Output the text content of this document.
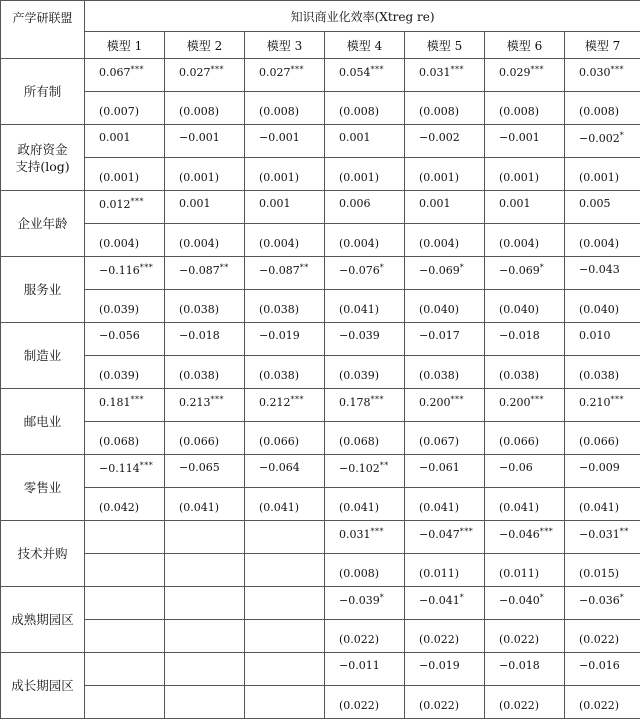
产学研联盟	知识商业化效率(Xtreg re)						
	模型 1	模型 2	模型 3	模型 4	模型 5	模型 6	模型 7
所有制	0.067***	0.027***	0.027***	0.054***	0.031***	0.029***	0.030***
	(0.007)	(0.008)	(0.008)	(0.008)	(0.008)	(0.008)	(0.008)
政府资金
支持(log)	0.001	−0.001	−0.001	0.001	−0.002	−0.001	−0.002*
	(0.001)	(0.001)	(0.001)	(0.001)	(0.001)	(0.001)	(0.001)
企业年龄	0.012***	0.001	0.001	0.006	0.001	0.001	0.005
	(0.004)	(0.004)	(0.004)	(0.004)	(0.004)	(0.004)	(0.004)
服务业	−0.116***	−0.087**	−0.087**	−0.076*	−0.069*	−0.069*	−0.043
	(0.039)	(0.038)	(0.038)	(0.041)	(0.040)	(0.040)	(0.040)
制造业	−0.056	−0.018	−0.019	−0.039	−0.017	−0.018	0.010
	(0.039)	(0.038)	(0.038)	(0.039)	(0.038)	(0.038)	(0.038)
邮电业	0.181***	0.213***	0.212***	0.178***	0.200***	0.200***	0.210***
	(0.068)	(0.066)	(0.066)	(0.068)	(0.067)	(0.066)	(0.066)
零售业	−0.114***	−0.065	−0.064	−0.102**	−0.061	−0.06	−0.009
	(0.042)	(0.041)	(0.041)	(0.041)	(0.041)	(0.041)	(0.041)
技术并购				0.031***	−0.047***	−0.046***	−0.031**
				(0.008)	(0.011)	(0.011)	(0.015)
成熟期园区				−0.039*	−0.041*	−0.040*	−0.036*
				(0.022)	(0.022)	(0.022)	(0.022)
成长期园区				−0.011	−0.019	−0.018	−0.016
				(0.022)	(0.022)	(0.022)	(0.022)
